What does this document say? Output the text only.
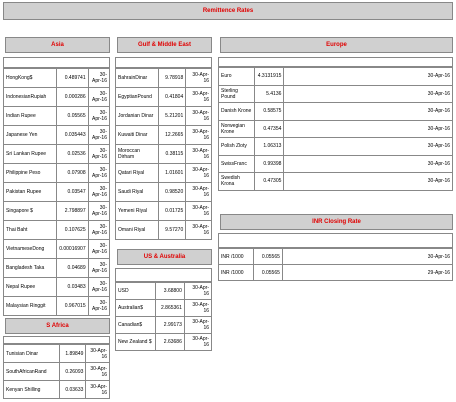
Remittence Rates
Asia
HongKong$	0.489741	30-Apr-16
IndonesianRupiah	0.000286	30-Apr-16
Indian Rupee	0.05565	30-Apr-16
Japanese Yen	0.035443	30-Apr-16
Sri Lankan Rupee	0.02536	30-Apr-16
Philippine Peso	0.07908	30-Apr-16
Pakistan Rupee	0.03547	30-Apr-16
Singapore $	2.798897	30-Apr-16
Thai Baht	0.107625	30-Apr-16
VietnameseDong	0.00016907	30-Apr-16
Bangladesh Taka	0.04689	30-Apr-16
Nepal Rupee	0.03483	30-Apr-16
Malaysian Ringgit	0.967015	30-Apr-16
S Africa
Tunisian Dinar	1.89849	30-Apr-16
SouthAfricanRand	0.26093	30-Apr-16
Kenyan Shilling	0.03633	30-Apr-16
Gulf & Middle East
BahrainDinar	9.78918	30-Apr-16
EgyptianPound	0.41804	30-Apr-16
Jordanian Dinar	5.21201	30-Apr-16
Kuwaiti Dinar	12.2665	30-Apr-16
Moroccan Dirham	0.38115	30-Apr-16
Qatari Riyal	1.01601	30-Apr-16
Saudi Riyal	0.98520	30-Apr-16
Yemeni Riyal	0.01725	30-Apr-16
Omani Riyal	9.57270	30-Apr-16
US & Australia
USD	3.68800	30-Apr-16
Australian$	2.865361	30-Apr-16
Canadian$	2.99173	30-Apr-16
New Zealand $	2.63686	30-Apr-16
Europe
Euro	4.3131915	30-Apr-16
Sterling Pound	5.4136	30-Apr-16
Danish Krone	0.58575	30-Apr-16
Norwegian Krone	0.47354	30-Apr-16
Polish Zloty	1.06313	30-Apr-16
SwissFranc	0.99398	30-Apr-16
Swedish Krona	0.47305	30-Apr-16
INR Closing Rate
INR /1000	0.05565	30-Apr-16
INR /1000	0.05565	29-Apr-16
